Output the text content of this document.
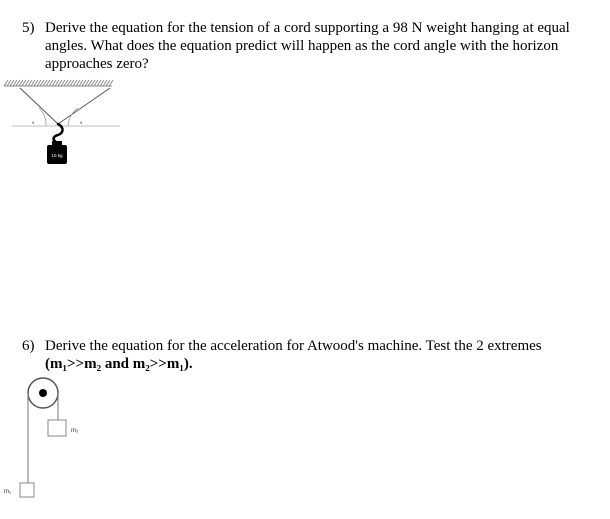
5) Derive the equation for the tension of a cord supporting a 98 N weight hanging at equal angles. What does the equation predict will happen as the cord angle with the horizon approaches zero?
θ	θ
10 kg
6) Derive the equation for the acceleration for Atwood's machine. Test the 2 extremes
(m₁>>m₂ and m₂>>m₁).
m₂
m₁
